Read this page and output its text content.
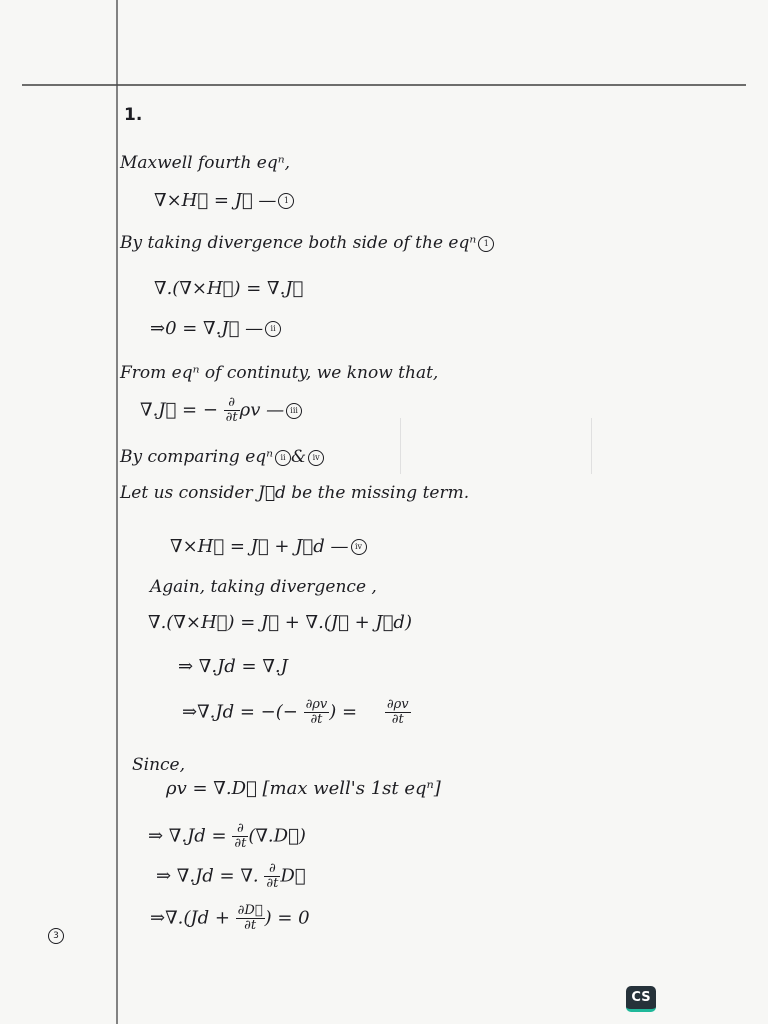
1.
Maxwell fourth eqⁿ,
∇×H⃗ = J⃗ — 1
By taking divergence both side of the eqⁿ 1
∇.(∇×H⃗) = ∇.J⃗
⇒0 = ∇.J⃗ — ii
From eqⁿ of continuty, we know that,
∇.J⃗ = − $\frac{\partial}{\partial t}$ ρv — iii
By comparing eqⁿ ii & iv
Let us consider J⃗d be the missing term.
∇×H⃗ = J⃗ + J⃗d — iv
Again, taking divergence ,
∇.(∇×H⃗) = J⃗ + ∇.(J⃗ + J⃗d)
⇒ ∇.Jd = ∇.J
⇒∇.Jd = −(− $\frac{\partial\rho v}{\partial t}$ ) = $\frac{\partial\rho v}{\partial t}$
Since,
ρv = ∇.D⃗ [max well's 1st eqⁿ]
⇒ $\nabla.Jd = \frac{\partial}{\partial t}$ (∇.D⃗)
⇒ ∇.Jd = ∇. $\frac{\partial}{\partial t}$ D⃗
⇒∇.(Jd + $\frac{\partial D⃗}{\partial t}$ ) = 0
3
CS
